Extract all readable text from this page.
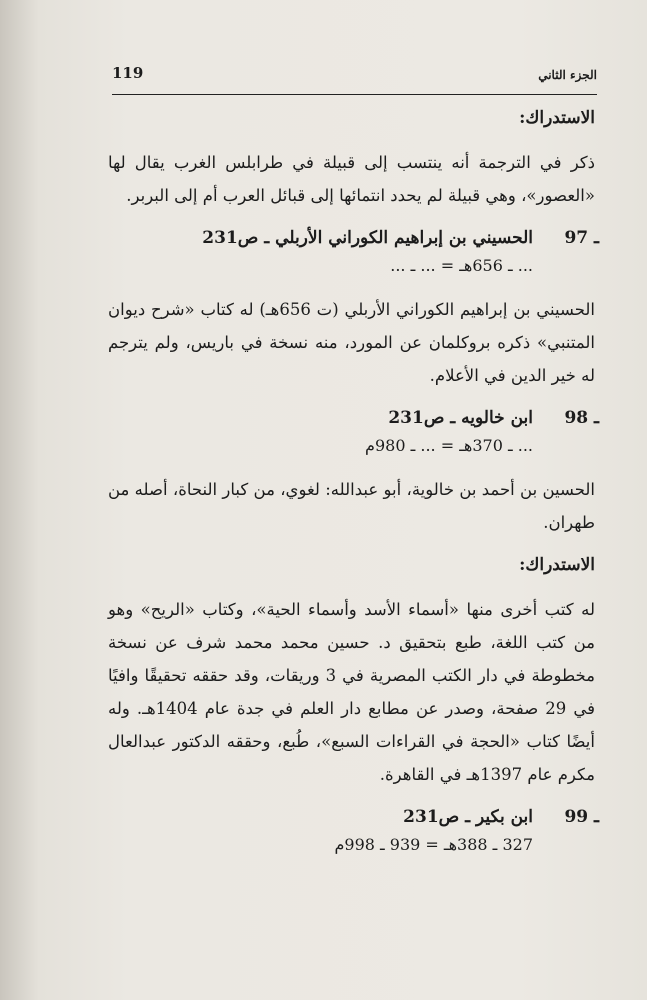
119	الجزء الثاني
الاستدراك:

ذكر في الترجمة أنه ينتسب إلى قبيلة في طرابلس الغرب يقال لها «العصور»، وهي قبيلة لم يحدد انتمائها إلى قبائل العرب أم إلى البربر.

97 ـ
الحسيني بن إبراهيم الكوراني الأربلي ـ ص231
... ـ 656هـ = ... ـ ...

الحسيني بن إبراهيم الكوراني الأربلي (ت 656هـ) له كتاب «شرح ديوان المتنبي» ذكره بروكلمان عن المورد، منه نسخة في باريس، ولم يترجم له خير الدين في الأعلام.

98 ـ
ابن خالويه ـ ص231
... ـ 370هـ = ... ـ 980م

الحسين بن أحمد بن خالوية، أبو عبدالله: لغوي، من كبار النحاة، أصله من طهران.

الاستدراك:

له كتب أخرى منها «أسماء الأسد وأسماء الحية»، وكتاب «الريح» وهو من كتب اللغة، طبع بتحقيق د. حسين محمد محمد شرف عن نسخة مخطوطة في دار الكتب المصرية في 3 وريقات، وقد حققه تحقيقًا وافيًا في 29 صفحة، وصدر عن مطابع دار العلم في جدة عام 1404هـ. وله أيضًا كتاب «الحجة في القراءات السبع»، طُبع، وحققه الدكتور عبدالعال مكرم عام 1397هـ في القاهرة.

99 ـ
ابن بكير ـ ص231
327 ـ 388هـ = 939 ـ 998م
